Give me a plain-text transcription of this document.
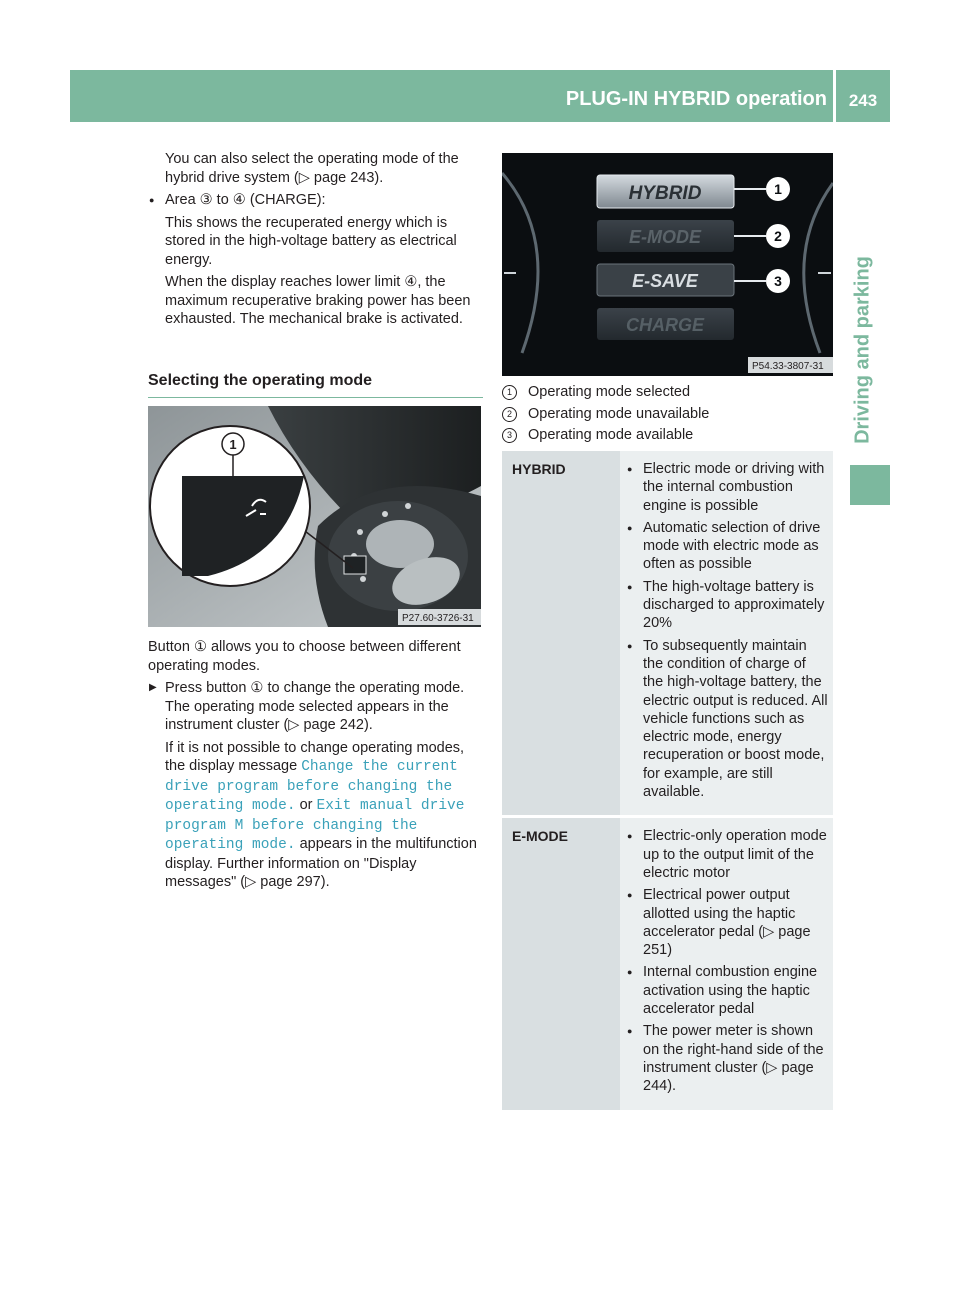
PLUG-IN HYBRID operation	243
Driving and parking

You can also select the operating mode of the hybrid drive system (▷ page 243).

● Area ③ to ④ (CHARGE):

This shows the recuperated energy which is stored in the high-voltage battery as electrical energy.

When the display reaches lower limit ④, the maximum recuperative braking power has been exhausted. The mechanical brake is activated.

Selecting the operating mode
1
P27.60-3726-31

Button ① allows you to choose between different operating modes.

▶ Press button ① to change the operating mode.
The operating mode selected appears in the instrument cluster (▷ page 242).
If it is not possible to change operating modes, the display message Change the current drive program before changing the operating mode. or Exit manual drive program M before changing the operating mode. appears in the multifunction display. Further information on "Display messages" (▷ page 297).
HYBRID
E-MODE
E-SAVE
CHARGE
1
2
3
P54.33-3807-31
1	Operating mode selected
2	Operating mode unavailable
3	Operating mode available
HYBRID	● Electric mode or driving with the internal combustion engine is possible
● Automatic selection of drive mode with electric mode as often as possible
● The high-voltage battery is discharged to approximately 20%
● To subsequently maintain the condition of charge of the high-voltage battery, the electric output is reduced. All vehicle functions such as electric mode, energy recuperation or boost mode, for example, are still available.
E-MODE	● Electric-only operation mode up to the output limit of the electric motor
● Electrical power output allotted using the haptic accelerator pedal (▷ page 251)
● Internal combustion engine activation using the haptic accelerator pedal
● The power meter is shown on the right-hand side of the instrument cluster (▷ page 244).
